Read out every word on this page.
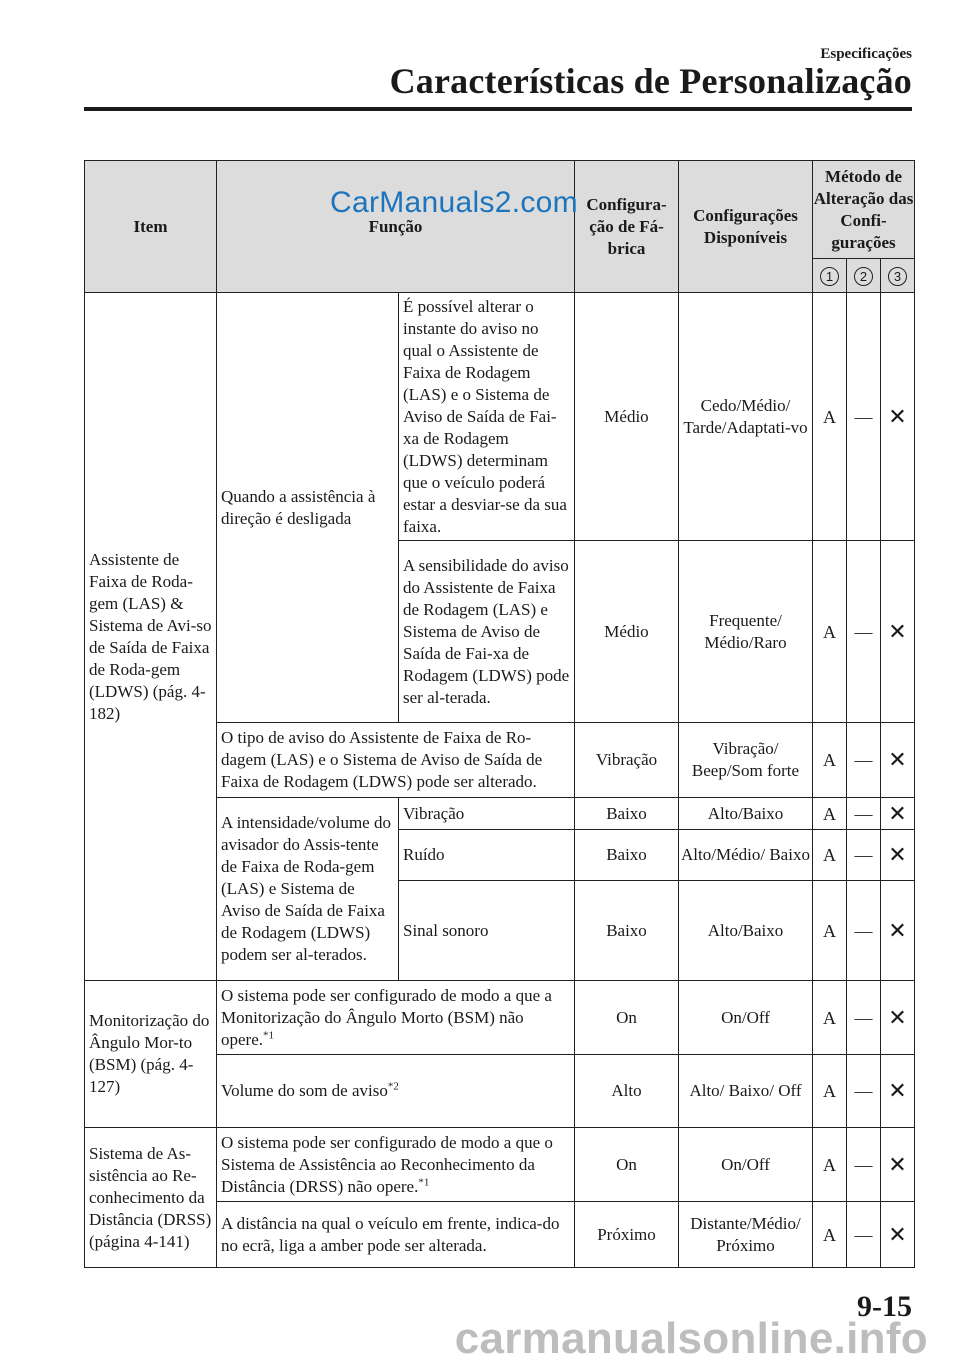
Especificações
Características de Personalização
CarManuals2.com
Item	Função		Configura-ção de Fá-brica	Configurações Disponíveis	Método de Alteração das Confi-gurações		
					1	2	3
Assistente de Faixa de Roda-gem (LAS) & Sistema de Avi-so de Saída de Faixa de Roda-gem (LDWS) (pág. 4-182)	Quando a assistência à direção é desligada	É possível alterar o instante do aviso no qual o Assistente de Faixa de Rodagem (LAS) e o Sistema de Aviso de Saída de Fai-xa de Rodagem (LDWS) determinam que o veículo poderá estar a desviar-se da sua faixa.	Médio	Cedo/Médio/ Tarde/Adaptati-vo	A	—	✕
		A sensibilidade do aviso do Assistente de Faixa de Rodagem (LAS) e Sistema de Aviso de Saída de Fai-xa de Rodagem (LDWS) pode ser al-terada.	Médio	Frequente/ Médio/Raro	A	—	✕
	O tipo de aviso do Assistente de Faixa de Ro-dagem (LAS) e o Sistema de Aviso de Saída de Faixa de Rodagem (LDWS) pode ser alterado.		Vibração	Vibração/ Beep/Som forte	A	—	✕
	A intensidade/volume do avisador do Assis-tente de Faixa de Roda-gem (LAS) e Sistema de Aviso de Saída de Faixa de Rodagem (LDWS) podem ser al-terados.	Vibração	Baixo	Alto/Baixo	A	—	✕
		Ruído	Baixo	Alto/Médio/ Baixo	A	—	✕
		Sinal sonoro	Baixo	Alto/Baixo	A	—	✕
Monitorização do Ângulo Mor-to (BSM) (pág. 4-127)	O sistema pode ser configurado de modo a que a Monitorização do Ângulo Morto (BSM) não opere.$^{*1}$		On	On/Off	A	—	✕
	Volume do som de aviso$^{*2}$		Alto	Alto/ Baixo/ Off	A	—	✕
Sistema de As-sistência ao Re-conhecimento da Distância (DRSS) (página 4-141)	O sistema pode ser configurado de modo a que o Sistema de Assistência ao Reconhecimento da Distância (DRSS) não opere.$^{*1}$		On	On/Off	A	—	✕
	A distância na qual o veículo em frente, indica-do no ecrã, liga a amber pode ser alterada.		Próximo	Distante/Médio/ Próximo	A	—	✕
9-15
carmanualsonline.info
